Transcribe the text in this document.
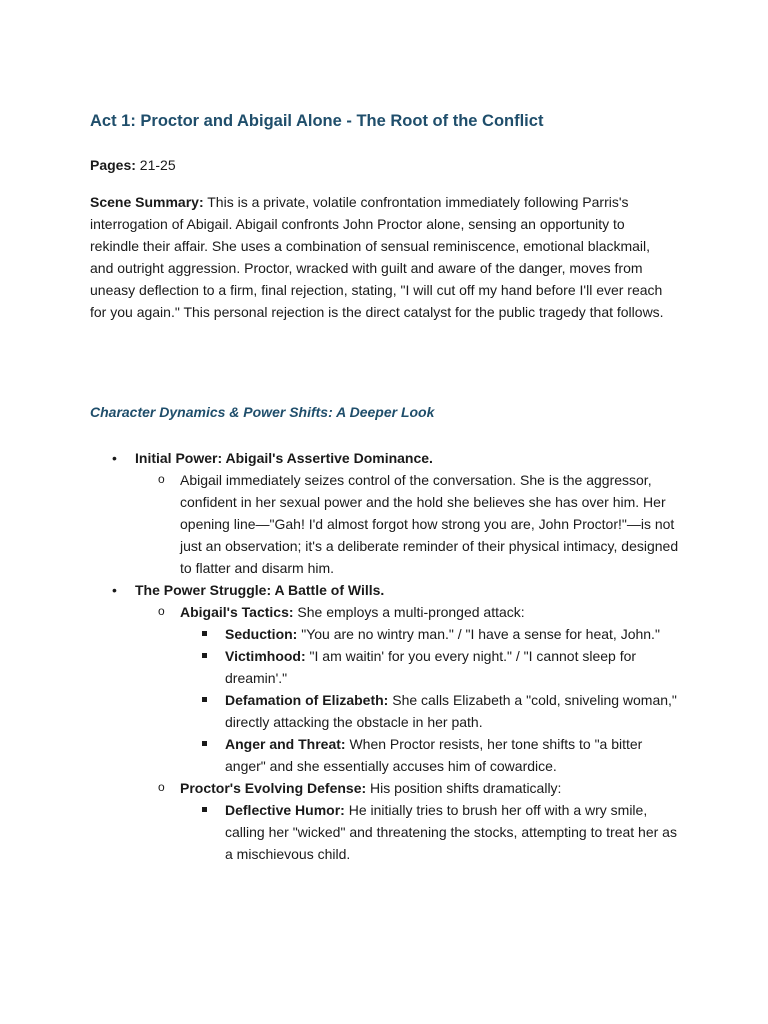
Act 1: Proctor and Abigail Alone - The Root of the Conflict

Pages: 21-25

Scene Summary: This is a private, volatile confrontation immediately following Parris's interrogation of Abigail. Abigail confronts John Proctor alone, sensing an opportunity to rekindle their affair. She uses a combination of sensual reminiscence, emotional blackmail, and outright aggression. Proctor, wracked with guilt and aware of the danger, moves from uneasy deflection to a firm, final rejection, stating, "I will cut off my hand before I'll ever reach for you again." This personal rejection is the direct catalyst for the public tragedy that follows.

Character Dynamics & Power Shifts: A Deeper Look
• Initial Power: Abigail's Assertive Dominance.
o Abigail immediately seizes control of the conversation. She is the aggressor, confident in her sexual power and the hold she believes she has over him. Her opening line—"Gah! I'd almost forgot how strong you are, John Proctor!"—is not just an observation; it's a deliberate reminder of their physical intimacy, designed to flatter and disarm him.
• The Power Struggle: A Battle of Wills.
o Abigail's Tactics: She employs a multi-pronged attack:
Seduction: "You are no wintry man." / "I have a sense for heat, John."
Victimhood: "I am waitin' for you every night." / "I cannot sleep for dreamin'."
Defamation of Elizabeth: She calls Elizabeth a "cold, sniveling woman," directly attacking the obstacle in her path.
Anger and Threat: When Proctor resists, her tone shifts to "a bitter anger" and she essentially accuses him of cowardice.
o Proctor's Evolving Defense: His position shifts dramatically:
Deflective Humor: He initially tries to brush her off with a wry smile, calling her "wicked" and threatening the stocks, attempting to treat her as a mischievous child.
